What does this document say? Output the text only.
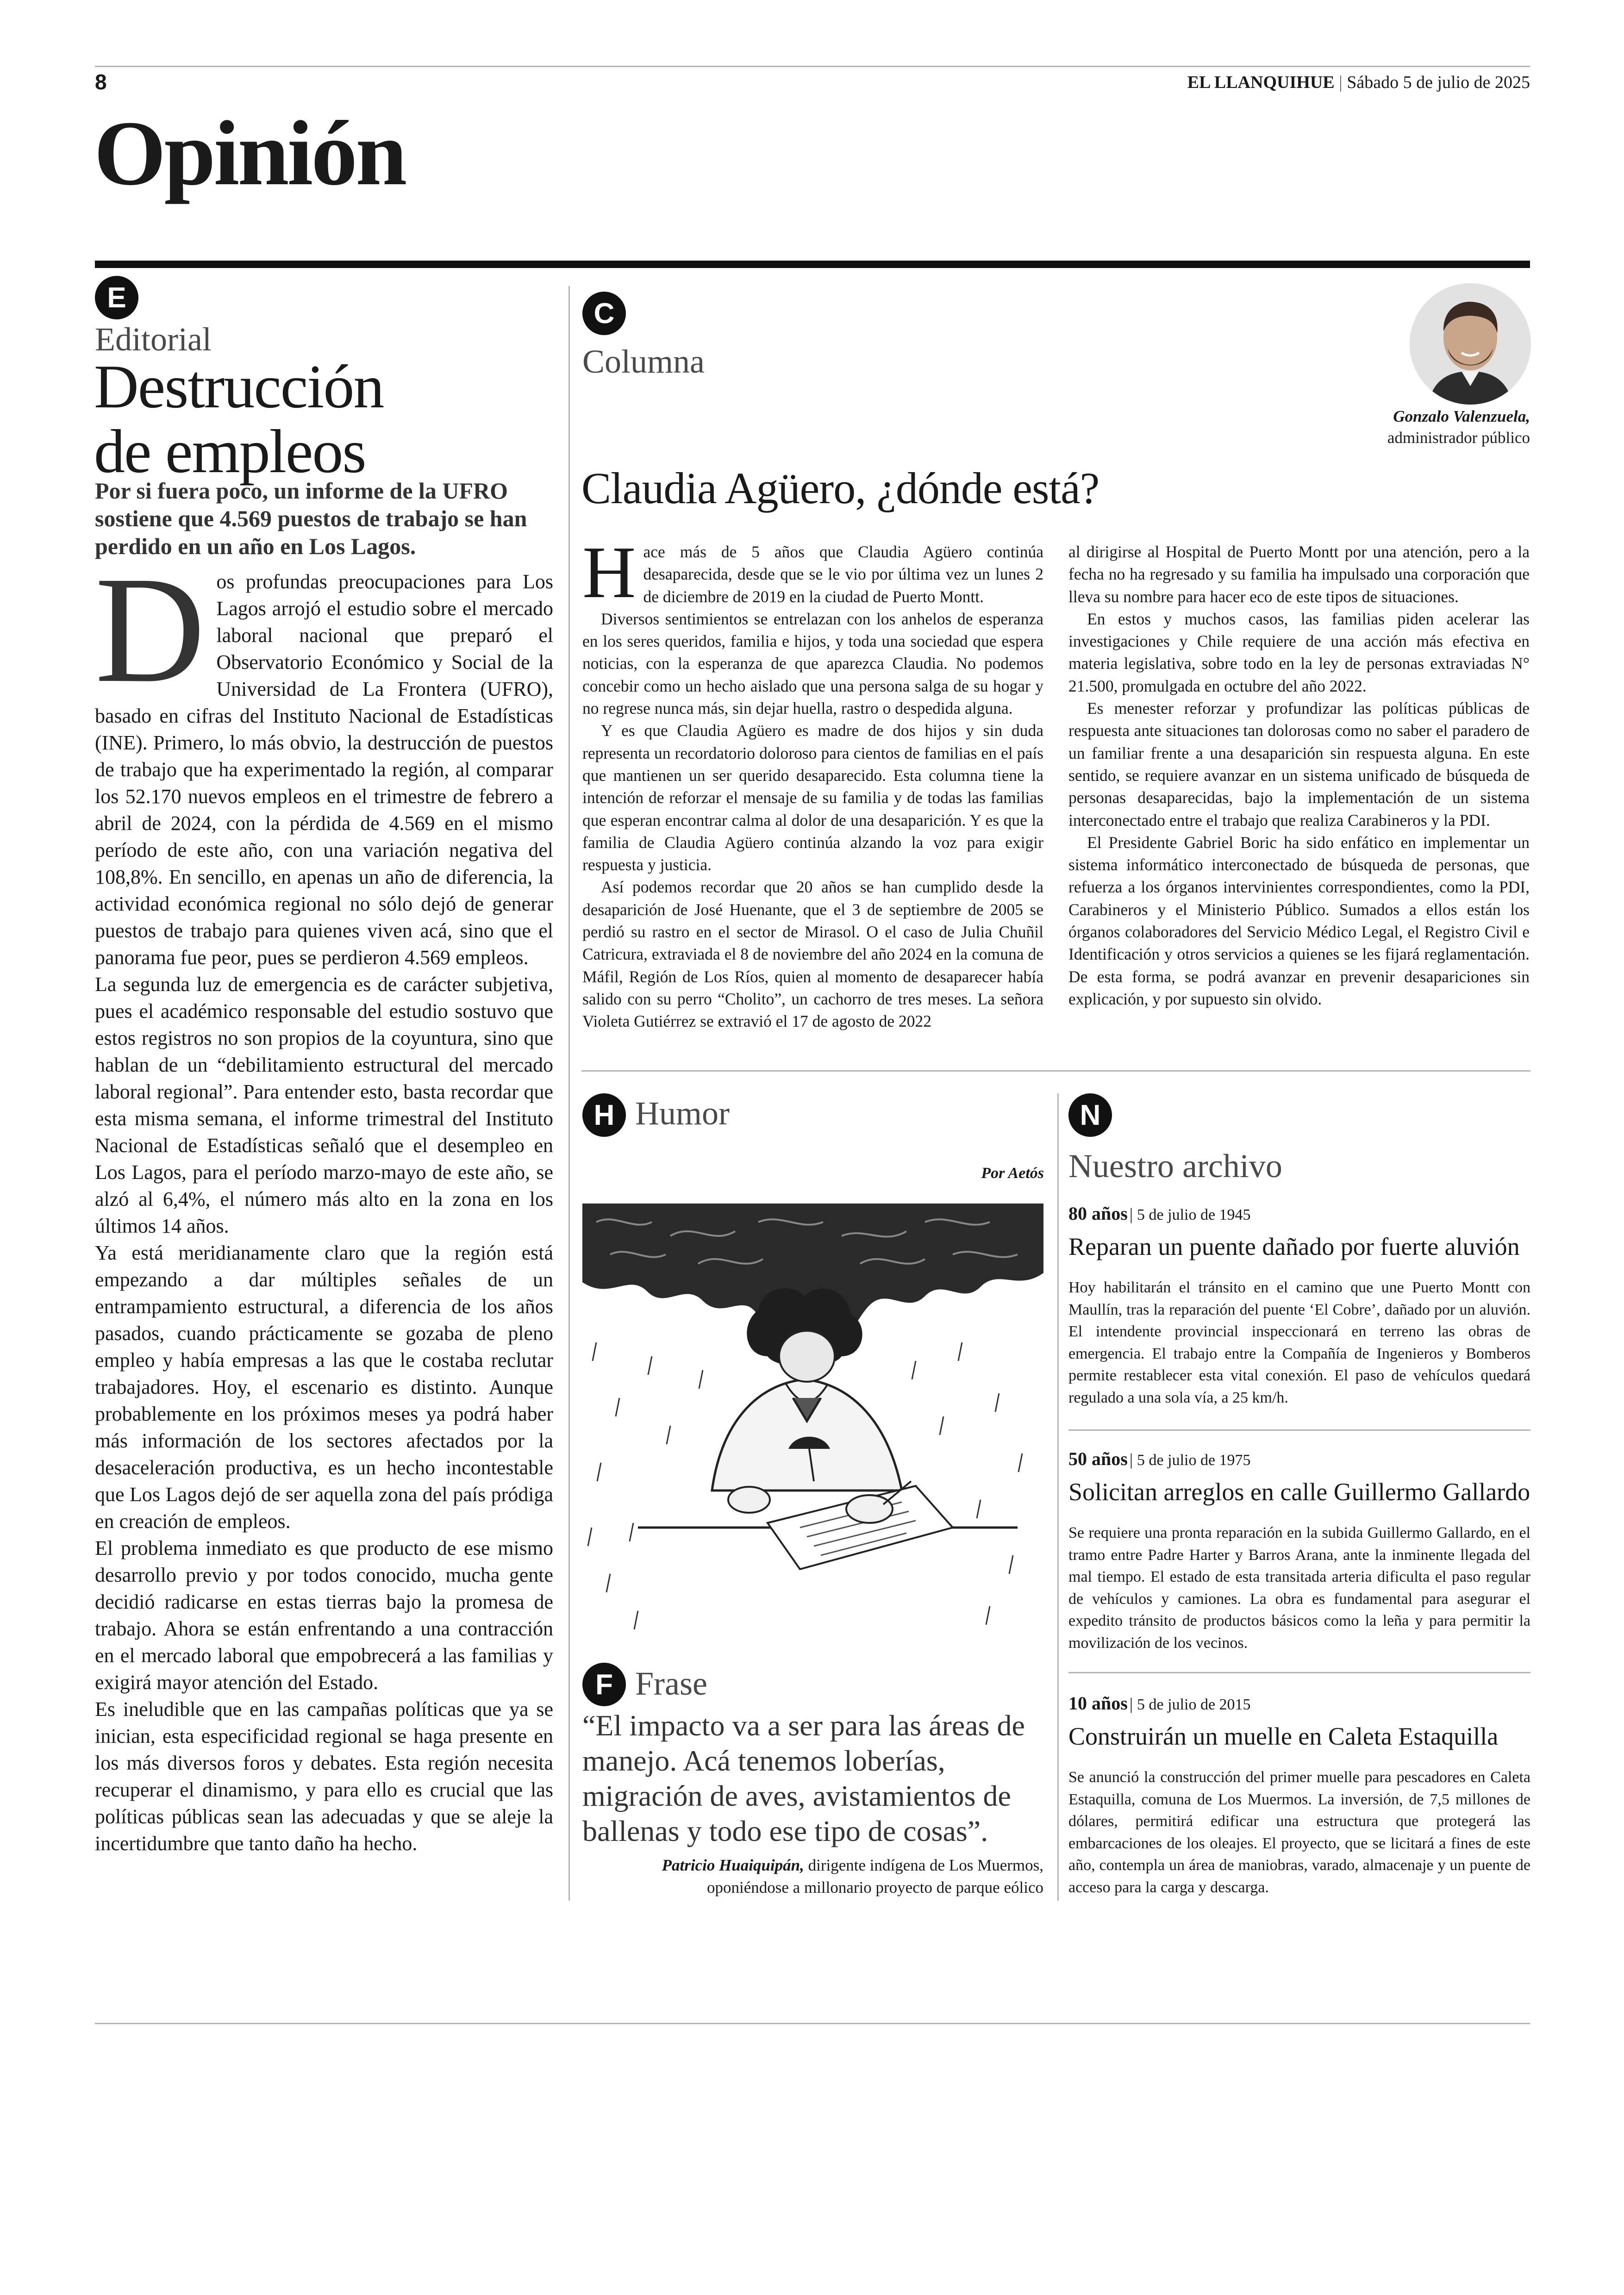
8	EL LLANQUIHUE | Sábado 5 de julio de 2025
Opinión
E
Editorial
Destrucción
de empleos
Por si fuera poco, un informe de la UFRO sostiene que 4.569 puestos de trabajo se han perdido en un año en Los Lagos.

D os profundas preocupaciones para Los Lagos arrojó el estudio sobre el mercado laboral nacional que preparó el Observatorio Económico y Social de la Universidad de La Frontera (UFRO), basado en cifras del Instituto Nacional de Estadísticas (INE). Primero, lo más obvio, la destrucción de puestos de trabajo que ha experimentado la región, al comparar los 52.170 nuevos empleos en el trimestre de febrero a abril de 2024, con la pérdida de 4.569 en el mismo período de este año, con una variación negativa del 108,8%. En sencillo, en apenas un año de diferencia, la actividad económica regional no sólo dejó de generar puestos de trabajo para quienes viven acá, sino que el panorama fue peor, pues se perdieron 4.569 empleos.

La segunda luz de emergencia es de carácter subjetiva, pues el académico responsable del estudio sostuvo que estos registros no son propios de la coyuntura, sino que hablan de un “debilitamiento estructural del mercado laboral regional”. Para entender esto, basta recordar que esta misma semana, el informe trimestral del Instituto Nacional de Estadísticas señaló que el desempleo en Los Lagos, para el período marzo-mayo de este año, se alzó al 6,4%, el número más alto en la zona en los últimos 14 años.

Ya está meridianamente claro que la región está empezando a dar múltiples señales de un entrampamiento estructural, a diferencia de los años pasados, cuando prácticamente se gozaba de pleno empleo y había empresas a las que le costaba reclutar trabajadores. Hoy, el escenario es distinto. Aunque probablemente en los próximos meses ya podrá haber más información de los sectores afectados por la desaceleración productiva, es un hecho incontestable que Los Lagos dejó de ser aquella zona del país pródiga en creación de empleos.

El problema inmediato es que producto de ese mismo desarrollo previo y por todos conocido, mucha gente decidió radicarse en estas tierras bajo la promesa de trabajo. Ahora se están enfrentando a una contracción en el mercado laboral que empobrecerá a las familias y exigirá mayor atención del Estado.

Es ineludible que en las campañas políticas que ya se inician, esta especificidad regional se haga presente en los más diversos foros y debates. Esta región necesita recuperar el dinamismo, y para ello es crucial que las políticas públicas sean las adecuadas y que se aleje la incertidumbre que tanto daño ha hecho.

C
Columna
Gonzalo Valenzuela,
administrador público
Claudia Agüero, ¿dónde está?

H ace más de 5 años que Claudia Agüero continúa desaparecida, desde que se le vio por última vez un lunes 2 de diciembre de 2019 en la ciudad de Puerto Montt.

Diversos sentimientos se entrelazan con los anhelos de esperanza en los seres queridos, familia e hijos, y toda una sociedad que espera noticias, con la esperanza de que aparezca Claudia. No podemos concebir como un hecho aislado que una persona salga de su hogar y no regrese nunca más, sin dejar huella, rastro o despedida alguna.

Y es que Claudia Agüero es madre de dos hijos y sin duda representa un recordatorio doloroso para cientos de familias en el país que mantienen un ser querido desaparecido. Esta columna tiene la intención de reforzar el mensaje de su familia y de todas las familias que esperan encontrar calma al dolor de una desaparición. Y es que la familia de Claudia Agüero continúa alzando la voz para exigir respuesta y justicia.

Así podemos recordar que 20 años se han cumplido desde la desaparición de José Huenante, que el 3 de septiembre de 2005 se perdió su rastro en el sector de Mirasol. O el caso de Julia Chuñil Catricura, extraviada el 8 de noviembre del año 2024 en la comuna de Máfil, Región de Los Ríos, quien al momento de desaparecer había salido con su perro “Cholito”, un cachorro de tres meses. La señora Violeta Gutiérrez se extravió el 17 de agosto de 2022

al dirigirse al Hospital de Puerto Montt por una atención, pero a la fecha no ha regresado y su familia ha impulsado una corporación que lleva su nombre para hacer eco de este tipos de situaciones.

En estos y muchos casos, las familias piden acelerar las investigaciones y Chile requiere de una acción más efectiva en materia legislativa, sobre todo en la ley de personas extraviadas N° 21.500, promulgada en octubre del año 2022.

Es menester reforzar y profundizar las políticas públicas de respuesta ante situaciones tan dolorosas como no saber el paradero de un familiar frente a una desaparición sin respuesta alguna. En este sentido, se requiere avanzar en un sistema unificado de búsqueda de personas desaparecidas, bajo la implementación de un sistema interconectado entre el trabajo que realiza Carabineros y la PDI.

El Presidente Gabriel Boric ha sido enfático en implementar un sistema informático interconectado de búsqueda de personas, que refuerza a los órganos intervinientes correspondientes, como la PDI, Carabineros y el Ministerio Público. Sumados a ellos están los órganos colaboradores del Servicio Médico Legal, el Registro Civil e Identificación y otros servicios a quienes se les fijará reglamentación. De esta forma, se podrá avanzar en prevenir desapariciones sin explicación, y por supuesto sin olvido.

H Humor
Por Aetós
F Frase
“El impacto va a ser para las áreas de manejo. Acá tenemos loberías, migración de aves, avistamientos de ballenas y todo ese tipo de cosas”.
Patricio Huaiquipán, dirigente indígena de Los Muermos,
oponiéndose a millonario proyecto de parque eólico
N
Nuestro archivo
80 años | 5 de julio de 1945
Reparan un puente dañado por fuerte aluvión

Hoy habilitarán el tránsito en el camino que une Puerto Montt con Maullín, tras la reparación del puente ‘El Cobre’, dañado por un aluvión. El intendente provincial inspeccionará en terreno las obras de emergencia. El trabajo entre la Compañía de Ingenieros y Bomberos permite restablecer esta vital conexión. El paso de vehículos quedará regulado a una sola vía, a 25 km/h.

50 años | 5 de julio de 1975
Solicitan arreglos en calle Guillermo Gallardo

Se requiere una pronta reparación en la subida Guillermo Gallardo, en el tramo entre Padre Harter y Barros Arana, ante la inminente llegada del mal tiempo. El estado de esta transitada arteria dificulta el paso regular de vehículos y camiones. La obra es fundamental para asegurar el expedito tránsito de productos básicos como la leña y para permitir la movilización de los vecinos.

10 años | 5 de julio de 2015
Construirán un muelle en Caleta Estaquilla

Se anunció la construcción del primer muelle para pescadores en Caleta Estaquilla, comuna de Los Muermos. La inversión, de 7,5 millones de dólares, permitirá edificar una estructura que protegerá las embarcaciones de los oleajes. El proyecto, que se licitará a fines de este año, contempla un área de maniobras, varado, almacenaje y un puente de acceso para la carga y descarga.
